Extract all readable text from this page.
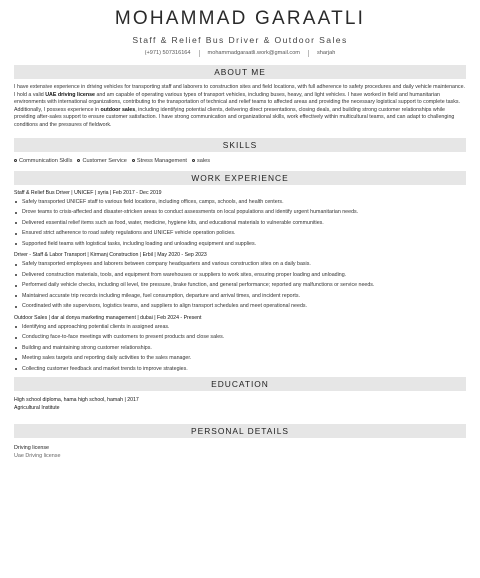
MOHAMMAD GARAATLI
Staff & Relief Bus Driver & Outdoor Sales
(+971) 507316164	mohammadgaraatli.work@gmail.com	sharjah
ABOUT ME
I have extensive experience in driving vehicles for transporting staff and laborers to construction sites and field locations, with full adherence to safety procedures and daily vehicle maintenance. I hold a valid UAE driving license and am capable of operating various types of transport vehicles, including buses, heavy, and light vehicles. I have worked in field and humanitarian environments with international organizations, contributing to the transportation of technical and relief teams to affected areas and providing the necessary logistical support to complete tasks. Additionally, I possess experience in outdoor sales, including identifying potential clients, delivering direct presentations, closing deals, and building strong customer relationships while providing after-sales support to ensure customer satisfaction. I have strong communication and organizational skills, work effectively within multicultural teams, and can adapt to challenging conditions and the pressures of fieldwork.
SKILLS
Communication Skills Customer Service Stress Management sales
WORK EXPERIENCE
Staff & Relief Bus Driver | UNICEF | syria | Feb 2017 - Dec 2019
Safely transported UNICEF staff to various field locations, including offices, camps, schools, and health centers.
Drove teams to crisis-affected and disaster-stricken areas to conduct assessments on local populations and identify urgent humanitarian needs.
Delivered essential relief items such as food, water, medicine, hygiene kits, and educational materials to vulnerable communities.
Ensured strict adherence to road safety regulations and UNICEF vehicle operation policies.
Supported field teams with logistical tasks, including loading and unloading equipment and supplies.
Driver - Staff & Labor Transport | Kirmanj Construction | Erbil | May 2020 - Sep 2023
Safely transported employees and laborers between company headquarters and various construction sites on a daily basis.
Delivered construction materials, tools, and equipment from warehouses or suppliers to work sites, ensuring proper loading and unloading.
Performed daily vehicle checks, including oil level, tire pressure, brake function, and general performance; reported any malfunctions or service needs.
Maintained accurate trip records including mileage, fuel consumption, departure and arrival times, and incident reports.
Coordinated with site supervisors, logistics teams, and suppliers to align transport schedules and meet operational needs.
Outdoor Sales | dar al donya marketing management | dubai | Feb 2024 - Present
Identifying and approaching potential clients in assigned areas.
Conducting face-to-face meetings with customers to present products and close sales.
Building and maintaining strong customer relationships.
Meeting sales targets and reporting daily activities to the sales manager.
Collecting customer feedback and market trends to improve strategies.
EDUCATION
High school diploma, hama high school, hamah | 2017
Agricultural Institute
PERSONAL DETAILS
Driving license
Uae Driving license
